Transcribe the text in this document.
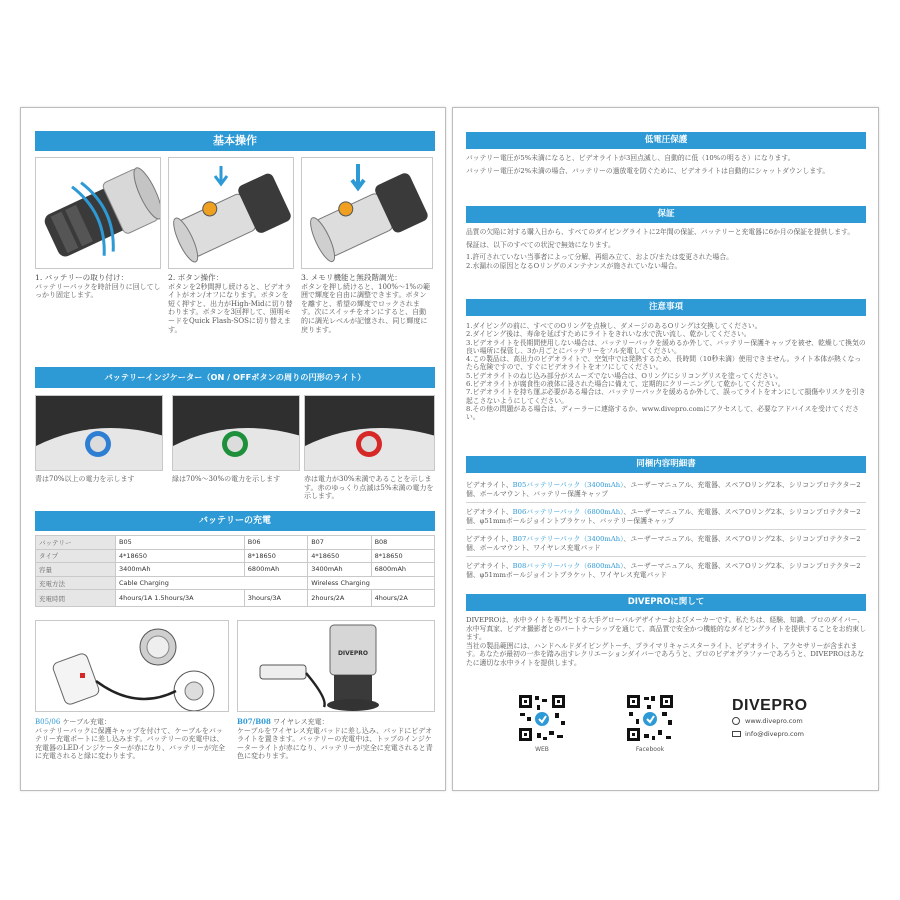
基本操作
1. バッテリーの取り付け：
バッテリーパックを時計回りに回してしっかり固定します。
2. ボタン操作：
ボタンを2秒間押し続けると、ビデオライトがオン/オフになります。ボタンを短く押すと、出力がHigh-Midに切り替わります。ボタンを3回押して、照明モードをQuick Flash-SOSに切り替えます。
3. メモリ機能と無段階調光：
ボタンを押し続けると、100%～1%の範囲で輝度を自由に調整できます。ボタンを離すと、希望の輝度でロックされます。次にスイッチをオンにすると、自動的に調光レベルが記憶され、同じ輝度に戻ります。
バッテリーインジケーター（ON / OFFボタンの周りの円形のライト）
青は70%以上の電力を示します	緑は70%～30%の電力を示します	赤は電力が30%未満であることを示します。赤のゆっくり点滅は5%未満の電力を示します。
バッテリーの充電
バッテリー	B05	B06	B07	B08
タイプ	4*18650	8*18650	4*18650	8*18650
容量	3400mAh	6800mAh	3400mAh	6800mAh
充電方法	Cable Charging		Wireless Charging	
充電時間	4hours/1A 1.5hours/3A	3hours/3A	2hours/2A	4hours/2A
DIVEPRO
B05/06 ケーブル充電：
バッテリーパックに保護キャップを付けて、ケーブルをバッテリー充電ポートに差し込みます。バッテリーの充電中は、充電器のLEDインジケーターが赤になり、バッテリーが完全に充電されると緑に変わります。
B07/B08 ワイヤレス充電：
ケーブルをワイヤレス充電パッドに差し込み、パッドにビデオライトを置きます。バッテリーの充電中は、トップのインジケーターライトが赤になり、バッテリーが完全に充電されると青色に変わります。
低電圧保護
バッテリー電圧が5%未満になると、ビデオライトが3回点滅し、自動的に低（10%の明るさ）になります。
バッテリー電圧が2%未満の場合、バッテリーの過放電を防ぐために、ビデオライトは自動的にシャットダウンします。
保証
品質の欠陥に対する購入日から、すべてのダイビングライトに2年間の保証、バッテリーと充電器に6か月の保証を提供します。
保証は、以下のすべての状況で無効になります。
1.許可されていない当事者によって分解、再組み立て、および/または変更された場合。
2.水漏れの原因となるOリングのメンテナンスが施されていない場合。
注意事項
1.ダイビングの前に、すべてのOリングを点検し、ダメージのあるOリングは交換してください。
2.ダイビング後は、寿命を延ばすためにライトをきれいな水で洗い流し、乾かしてください。
3.ビデオライトを長期間使用しない場合は、バッテリーパックを緩めるか外して、バッテリー保護キャップを被せ、乾燥して換気の良い場所に保管し、3か月ごとにバッテリーをフル充電してください。
4.この製品は、高出力のビデオライトで、空気中では発熱するため、長時間（10秒未満）使用できません。ライト本体が熱くなったら危険ですので、すぐにビデオライトをオフにしてください。
5.ビデオライトのねじ込み部分がスムーズでない場合は、Oリングにシリコングリスを塗ってください。
6.ビデオライトが腐食性の液体に浸された場合に備えて、定期的にクリーニングして乾かしてください。
7.ビデオライトを持ち運ぶ必要がある場合は、バッテリーパックを緩めるか外して、誤ってライトをオンにして損傷やリスクを引き起こさないようにしてください。
8.その他の問題がある場合は、ディーラーに連絡するか、www.divepro.comにアクセスして、必要なアドバイスを受けてください。
同梱内容明細書
ビデオライト、B05バッテリーパック（3400mAh）、ユーザーマニュアル、充電器、スペアOリング2本、シリコンプロテクター2個、ボールマウント、バッテリー保護キャップ
ビデオライト、B06バッテリーパック（6800mAh）、ユーザーマニュアル、充電器、スペアOリング2本、シリコンプロテクター2個、φ51mmボールジョイントブラケット、バッテリー保護キャップ
ビデオライト、B07バッテリーパック（3400mAh）、ユーザーマニュアル、充電器、スペアOリング2本、シリコンプロテクター2個、ボールマウント、ワイヤレス充電パッド
ビデオライト、B08バッテリーパック（6800mAh）、ユーザーマニュアル、充電器、スペアOリング2本、シリコンプロテクター2個、φ51mmボールジョイントブラケット、ワイヤレス充電パッド
DIVEPROに関して
DIVEPROは、水中ライトを専門とする大手グローバルデザイナーおよびメーカーです。私たちは、経験、知識、プロのダイバー、水中写真家、ビデオ撮影者とのパートナーシップを通じて、高品質で安全かつ機能的なダイビングライトを提供することをお約束します。
当社の製品範囲には、ハンドヘルドダイビングトーチ、プライマリキャニスターライト、ビデオライト、アクセサリーが含まれます。あなたが最初の一歩を踏み出すレクリエーションダイバーであろうと、プロのビデオグラファーであろうと、DIVEPROはあなたに適切な水中ライトを提供します。
WEB	Facebook
DIVEPRO
www.divepro.com
info@divepro.com
